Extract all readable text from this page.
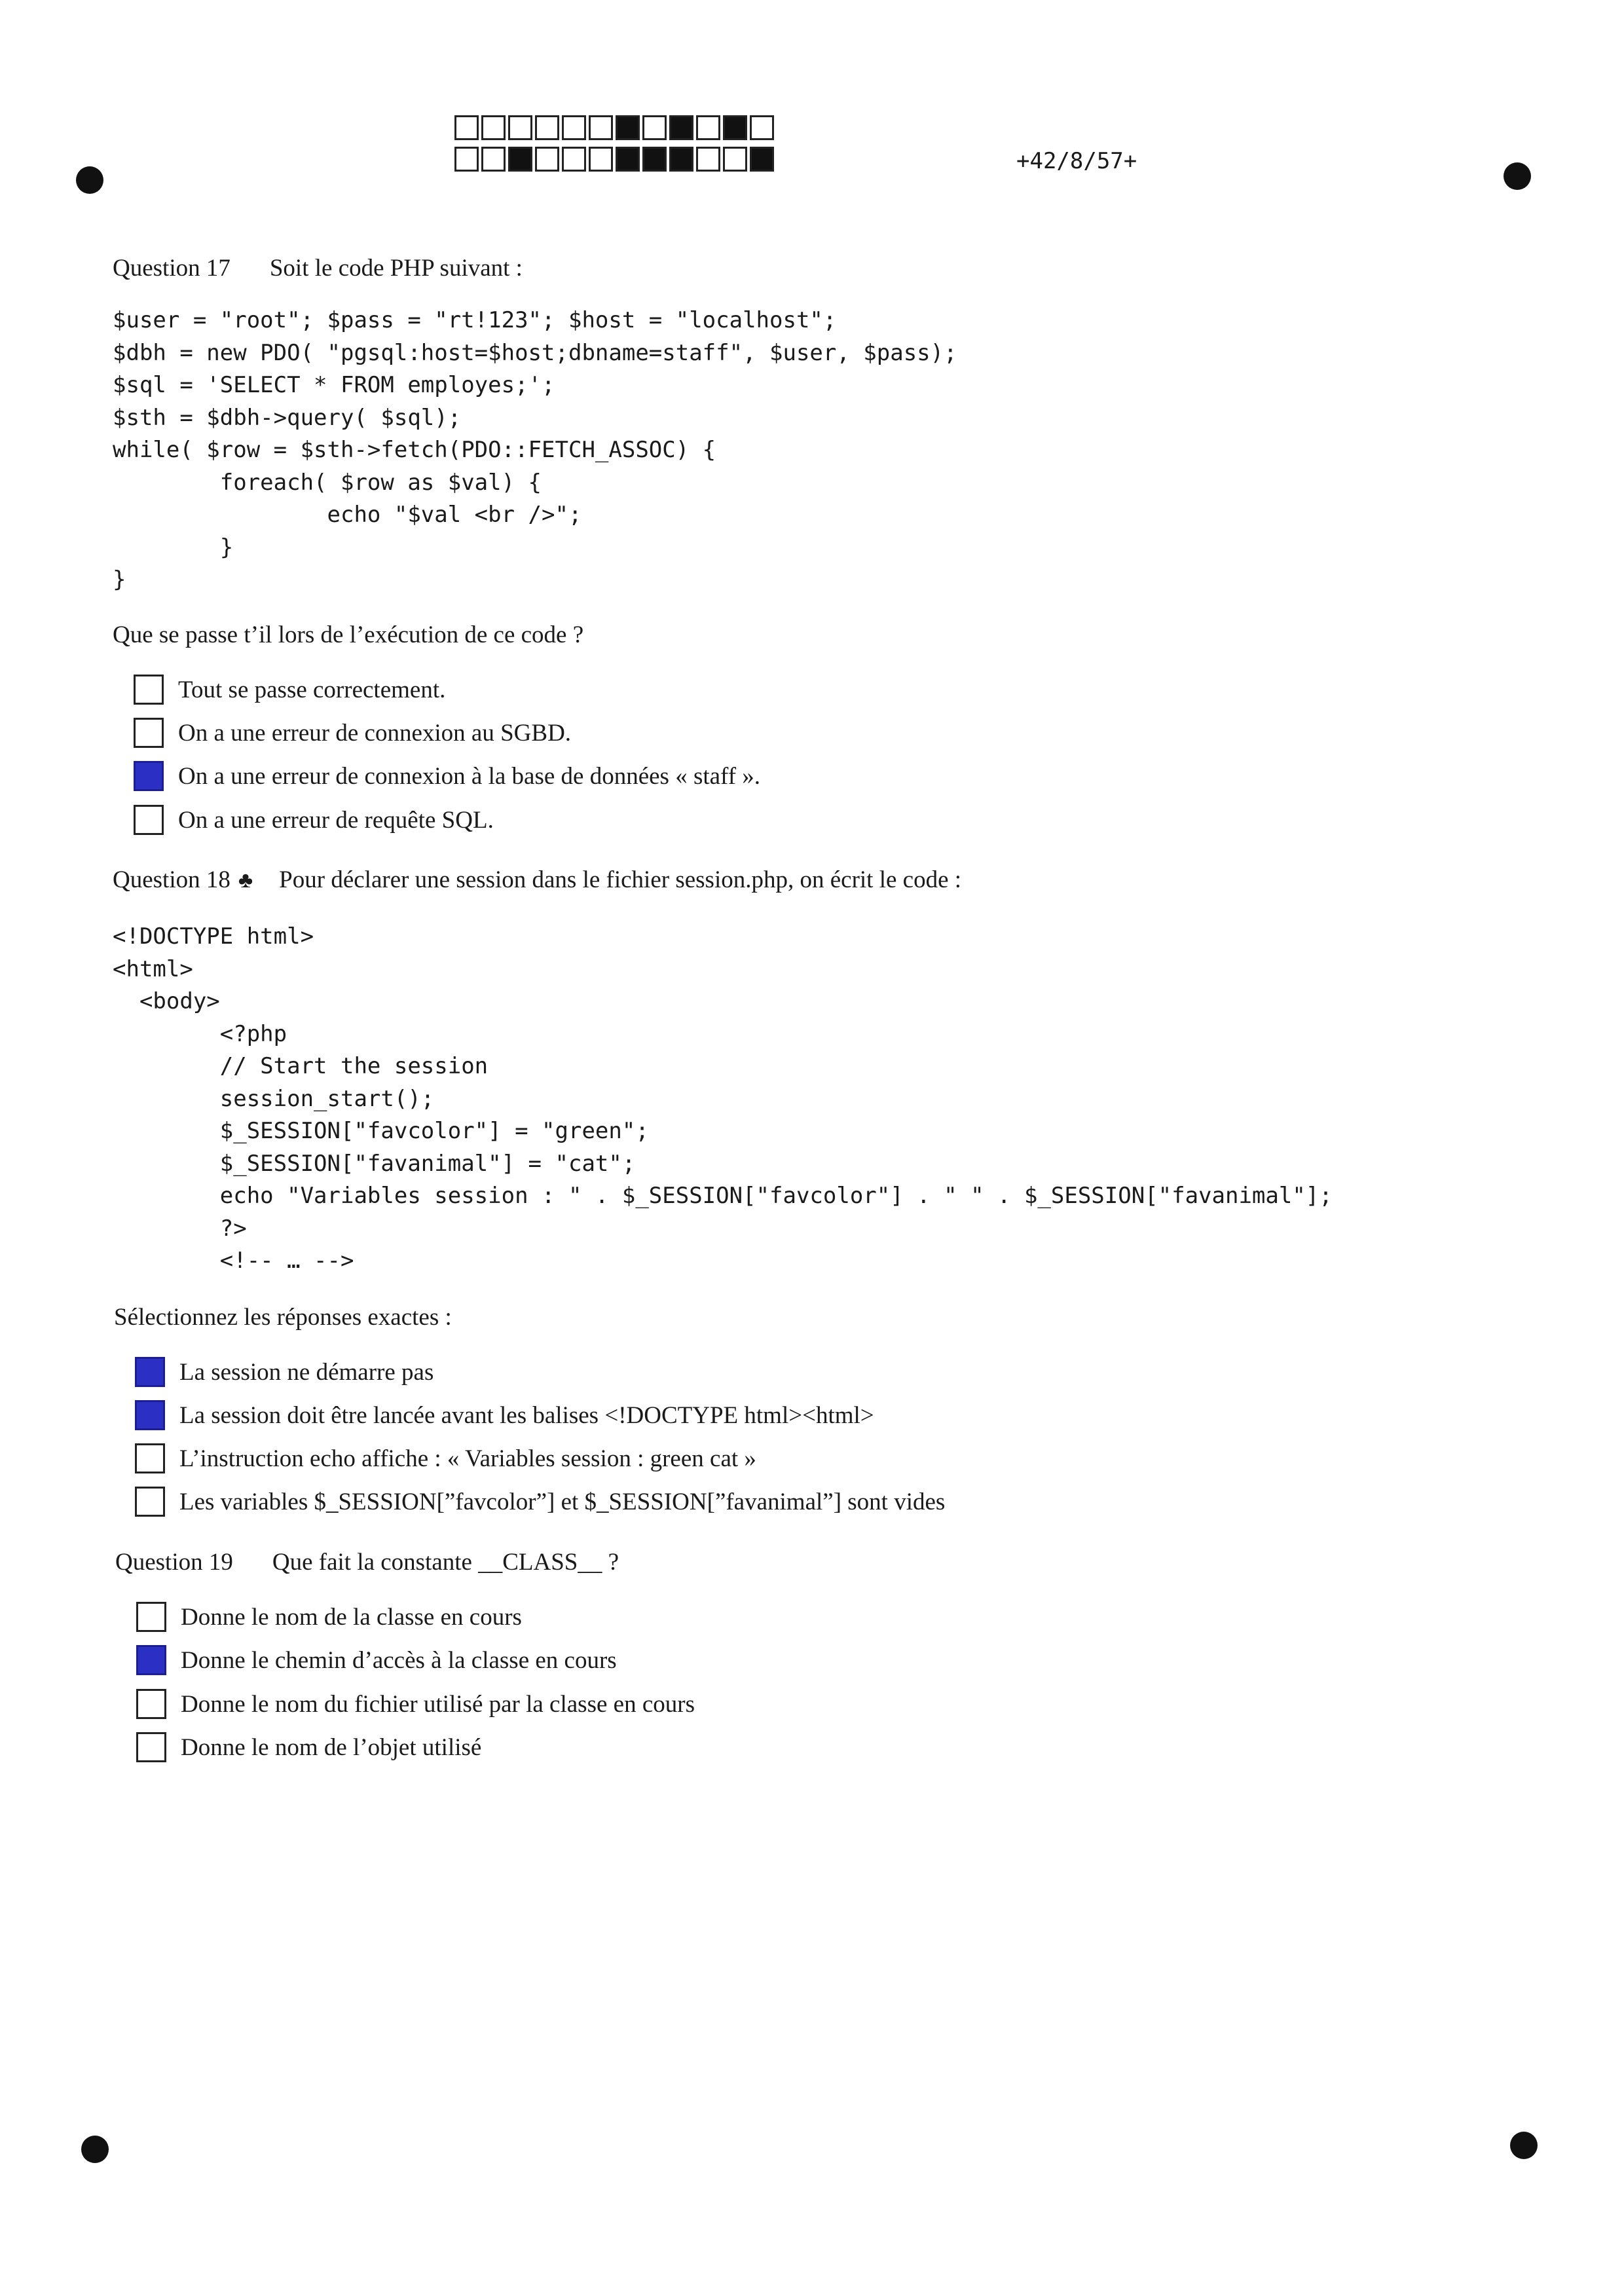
+42/8/57+
Question 17 Soit le code PHP suivant :
$user = "root"; $pass = "rt!123"; $host = "localhost";
$dbh = new PDO( "pgsql:host=$host;dbname=staff", $user, $pass);
$sql = 'SELECT * FROM employes;';
$sth = $dbh->query( $sql);
while( $row = $sth->fetch(PDO::FETCH_ASSOC) {
foreach( $row as $val) {
echo "$val <br />";
}
}
Que se passe t’il lors de l’exécution de ce code ?
Tout se passe correctement.
On a une erreur de connexion au SGBD.
On a une erreur de connexion à la base de données « staff ».
On a une erreur de requête SQL.
Question 18 ♣ Pour déclarer une session dans le fichier session.php, on écrit le code :
<!DOCTYPE html>
<html>
<body>
<?php
// Start the session
session_start();
$_SESSION["favcolor"] = "green";
$_SESSION["favanimal"] = "cat";
echo "Variables session : " . $_SESSION["favcolor"] . " " . $_SESSION["favanimal"];
?>
<!-- … -->
Sélectionnez les réponses exactes :
La session ne démarre pas
La session doit être lancée avant les balises <!DOCTYPE html><html>
L’instruction echo affiche : « Variables session : green cat »
Les variables $_SESSION[”favcolor”] et $_SESSION[”favanimal”] sont vides
Question 19 Que fait la constante __CLASS__ ?
Donne le nom de la classe en cours
Donne le chemin d’accès à la classe en cours
Donne le nom du fichier utilisé par la classe en cours
Donne le nom de l’objet utilisé
